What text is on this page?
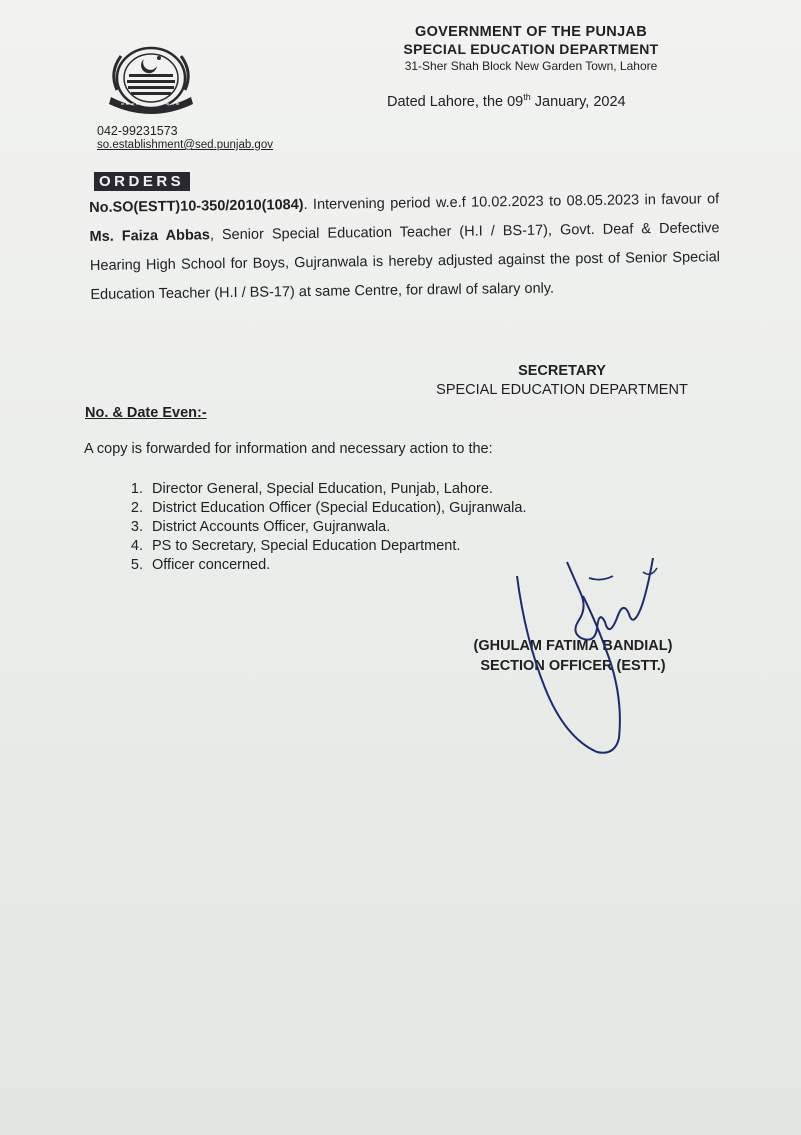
GOVERNMENT OF THE PUNJAB
SPECIAL EDUCATION DEPARTMENT
31-Sher Shah Block New Garden Town, Lahore
Dated Lahore, the 09th January, 2024
042-99231573
so.establishment@sed.punjab.gov
ORDERS
No.SO(ESTT)10-350/2010(1084). Intervening period w.e.f 10.02.2023 to 08.05.2023 in favour of Ms. Faiza Abbas, Senior Special Education Teacher (H.I / BS-17), Govt. Deaf & Defective Hearing High School for Boys, Gujranwala is hereby adjusted against the post of Senior Special Education Teacher (H.I / BS-17) at same Centre, for drawl of salary only.
SECRETARY
SPECIAL EDUCATION DEPARTMENT
No. & Date Even:-
A copy is forwarded for information and necessary action to the:
1. Director General, Special Education, Punjab, Lahore.
2. District Education Officer (Special Education), Gujranwala.
3. District Accounts Officer, Gujranwala.
4. PS to Secretary, Special Education Department.
5. Officer concerned.
(GHULAM FATIMA BANDIAL)
SECTION OFFICER (ESTT.)
